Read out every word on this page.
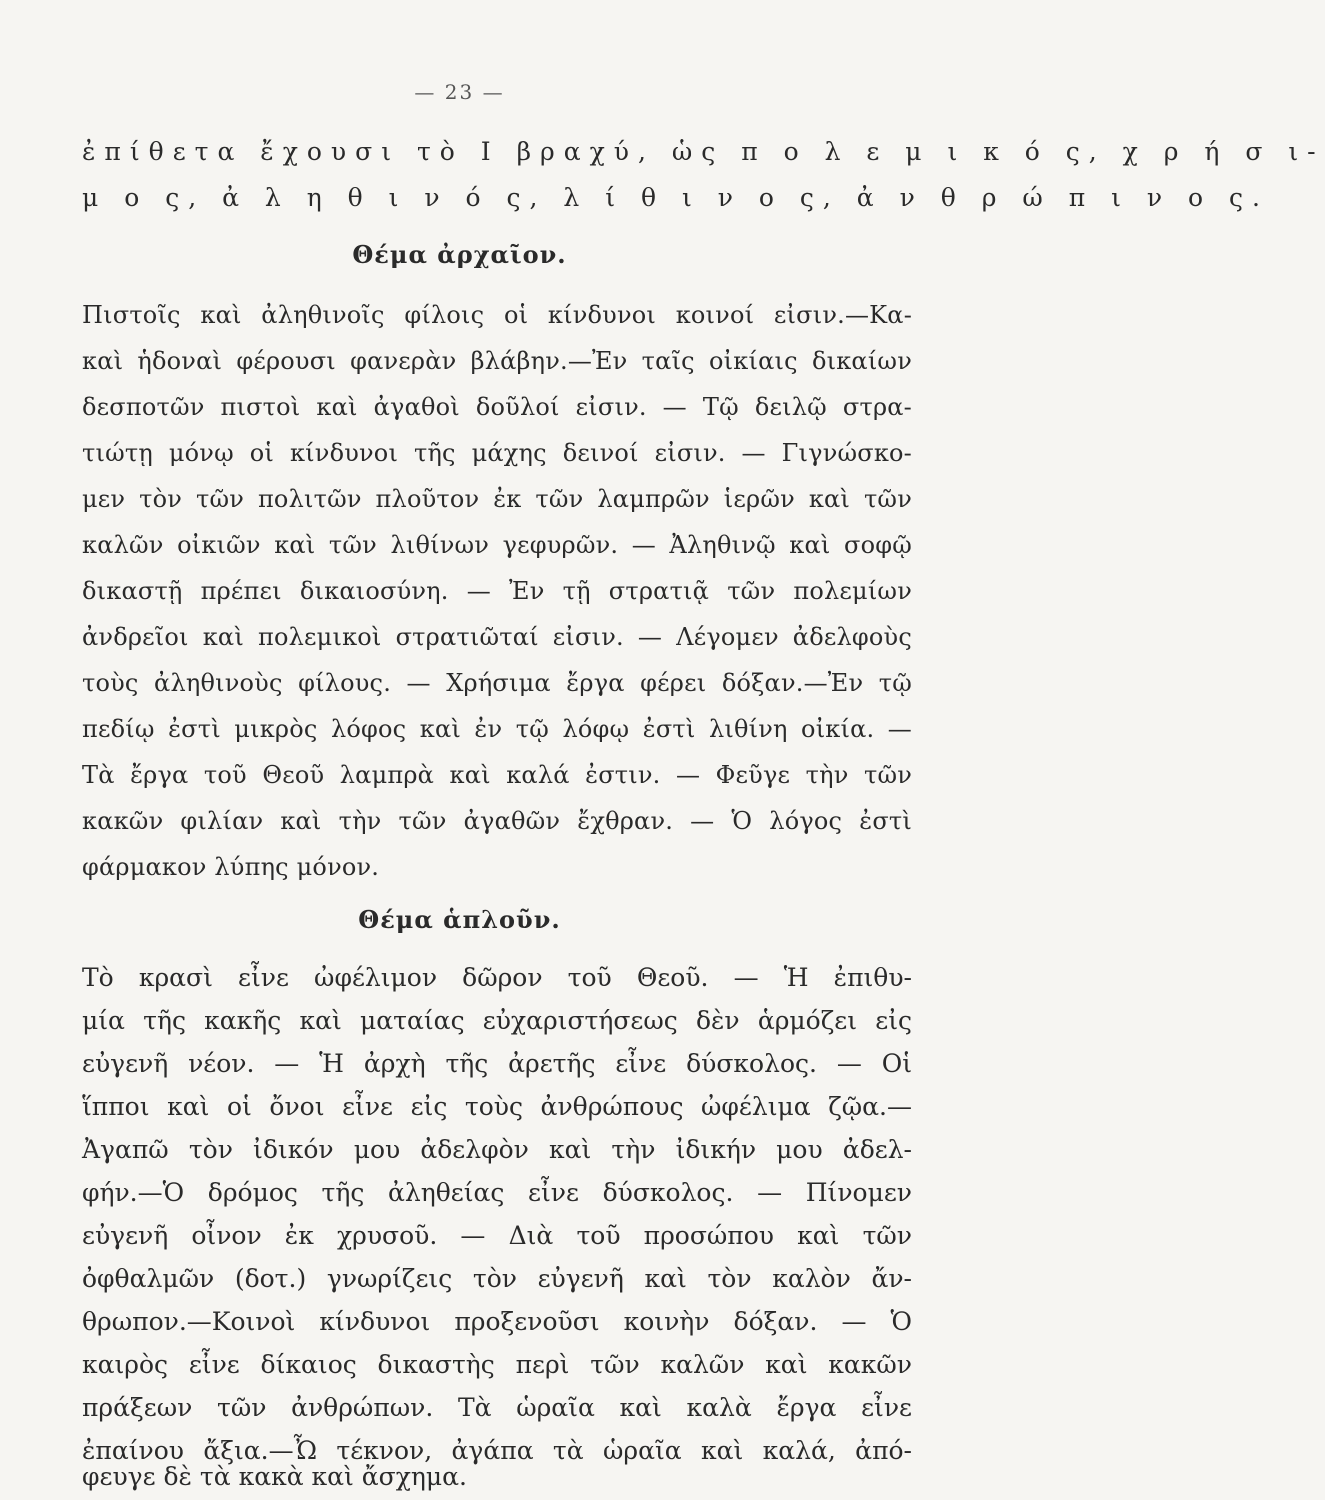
— 23 —
ἐπίθετα ἔχουσι τὸ Ι βραχύ, ὡς π ο λ ε μ ι κ ό ς, χ ρ ή σ ι-
μ ο ς, ἀ λ η θ ι ν ό ς, λ ί θ ι ν ο ς, ἀ ν θ ρ ώ π ι ν ο ς.
Θέμα ἀρχαῖον.
Πιστοῖς καὶ ἀληθινοῖς φίλοις οἱ κίνδυνοι κοινοί εἰσιν.—Κα-
καὶ ἡδοναὶ φέρουσι φανερὰν βλάβην.—Ἐν ταῖς οἰκίαις δικαίων
δεσποτῶν πιστοὶ καὶ ἀγαθοὶ δοῦλοί εἰσιν. — Τῷ δειλῷ στρα-
τιώτῃ μόνῳ οἱ κίνδυνοι τῆς μάχης δεινοί εἰσιν. — Γιγνώσκο-
μεν τὸν τῶν πολιτῶν πλοῦτον ἐκ τῶν λαμπρῶν ἱερῶν καὶ τῶν
καλῶν οἰκιῶν καὶ τῶν λιθίνων γεφυρῶν. — Ἀληθινῷ καὶ σοφῷ
δικαστῇ πρέπει δικαιοσύνη. — Ἐν τῇ στρατιᾷ τῶν πολεμίων
ἀνδρεῖοι καὶ πολεμικοὶ στρατιῶταί εἰσιν. — Λέγομεν ἀδελφοὺς
τοὺς ἀληθινοὺς φίλους. — Χρήσιμα ἔργα φέρει δόξαν.—Ἐν τῷ
πεδίῳ ἐστὶ μικρὸς λόφος καὶ ἐν τῷ λόφῳ ἐστὶ λιθίνη οἰκία. —
Τὰ ἔργα τοῦ Θεοῦ λαμπρὰ καὶ καλά ἐστιν. — Φεῦγε τὴν τῶν
κακῶν φιλίαν καὶ τὴν τῶν ἀγαθῶν ἔχθραν. — Ὁ λόγος ἐστὶ
φάρμακον λύπης μόνον.
Θέμα ἁπλοῦν.
Τὸ κρασὶ εἶνε ὠφέλιμον δῶρον τοῦ Θεοῦ. — Ἡ ἐπιθυ-
μία τῆς κακῆς καὶ ματαίας εὐχαριστήσεως δὲν ἁρμόζει εἰς
εὐγενῆ νέον. — Ἡ ἀρχὴ τῆς ἀρετῆς εἶνε δύσκολος. — Οἱ
ἵπποι καὶ οἱ ὄνοι εἶνε εἰς τοὺς ἀνθρώπους ὠφέλιμα ζῷα.—
Ἀγαπῶ τὸν ἰδικόν μου ἀδελφὸν καὶ τὴν ἰδικήν μου ἀδελ-
φήν.—Ὁ δρόμος τῆς ἀληθείας εἶνε δύσκολος. — Πίνομεν
εὐγενῆ οἶνον ἐκ χρυσοῦ. — Διὰ τοῦ προσώπου καὶ τῶν
ὀφθαλμῶν (δοτ.) γνωρίζεις τὸν εὐγενῆ καὶ τὸν καλὸν ἄν-
θρωπον.—Κοινοὶ κίνδυνοι προξενοῦσι κοινὴν δόξαν. — Ὁ
καιρὸς εἶνε δίκαιος δικαστὴς περὶ τῶν καλῶν καὶ κακῶν
πράξεων τῶν ἀνθρώπων. Τὰ ὡραῖα καὶ καλὰ ἔργα εἶνε
ἐπαίνου ἄξια.—Ὦ τέκνον, ἀγάπα τὰ ὡραῖα καὶ καλά, ἀπό-
φευγε δὲ τὰ κακὰ καὶ ἄσχημα.
